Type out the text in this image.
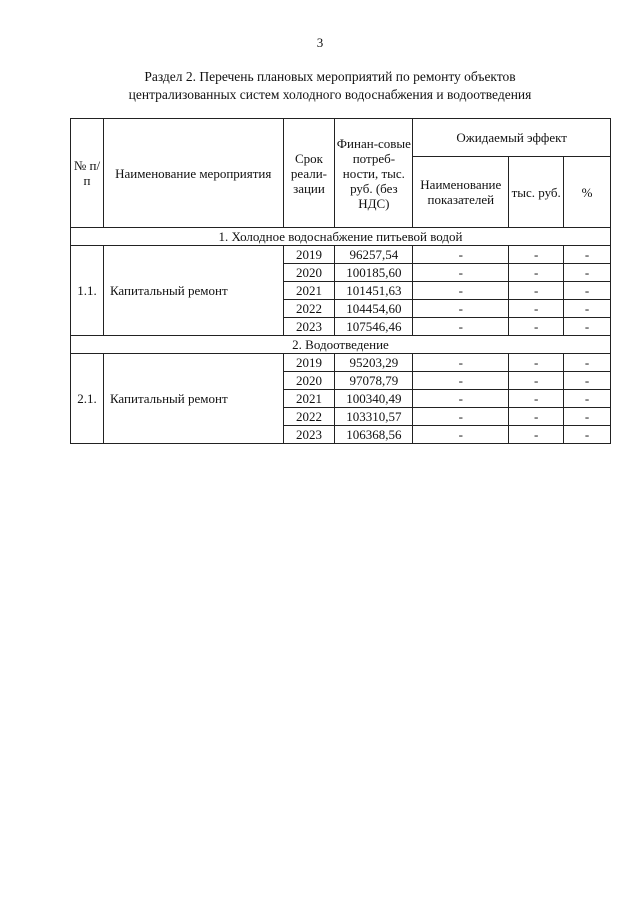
3
Раздел 2. Перечень плановых мероприятий по ремонту объектов
централизованных систем холодного водоснабжения и водоотведения
№ п/п	Наименование мероприятия	Срок реали-зации	Финан-совые потреб-ности, тыс. руб. (без НДС)	Ожидаемый эффект		
				Наименование показателей	тыс. руб.	%
1. Холодное водоснабжение питьевой водой						
1.1.	Капитальный ремонт	2019	96257,54	-	-	-
		2020	100185,60	-	-	-
		2021	101451,63	-	-	-
		2022	104454,60	-	-	-
		2023	107546,46	-	-	-
2. Водоотведение						
2.1.	Капитальный ремонт	2019	95203,29	-	-	-
		2020	97078,79	-	-	-
		2021	100340,49	-	-	-
		2022	103310,57	-	-	-
		2023	106368,56	-	-	-
